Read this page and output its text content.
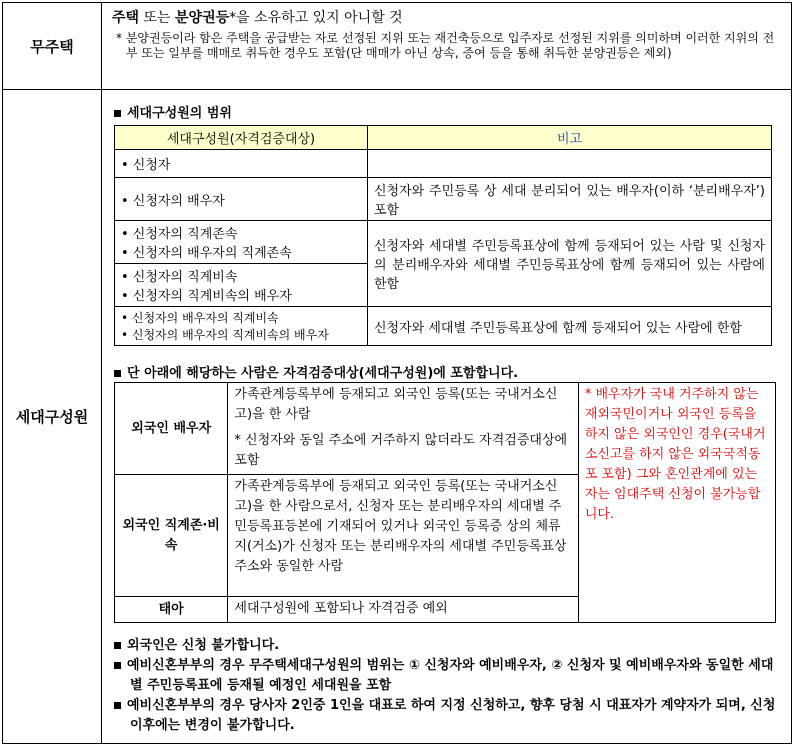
무주택
주택 또는 분양권등*을 소유하고 있지 아니할 것
* 분양권등이라 함은 주택을 공급받는 자로 선정된 지위 또는 재건축등으로 입주자로 선정된 지위를 의미하며 이러한 지위의 전부 또는 일부를 매매로 취득한 경우도 포함(단 매매가 아닌 상속, 증여 등을 통해 취득한 분양권등은 제외)
세대구성원
세대구성원의 범위
세대구성원(자격검증대상)	비고
• 신청자	
• 신청자의 배우자	신청자와 주민등록 상 세대 분리되어 있는 배우자(이하 ‘분리배우자’) 포함

• 신청자의 직계존속
• 신청자의 배우자의 직계존속	신청자와 세대별 주민등록표상에 함께 등재되어 있는 사람 및 신청자의 분리배우자와 세대별 주민등록표상에 함께 등재되어 있는 사람에 한함

• 신청자의 직계비속
• 신청자의 직계비속의 배우자	

• 신청자의 배우자의 직계비속
• 신청자의 배우자의 직계비속의 배우자	신청자와 세대별 주민등록표상에 함께 등재되어 있는 사람에 한함
단 아래에 해당하는 사람은 자격검증대상(세대구성원)에 포함합니다.
외국인 배우자	가족관계등록부에 등재되고 외국인 등록(또는 국내거소신고)을 한 사람
* 신청자와 동일 주소에 거주하지 않더라도 자격검증대상에 포함	* 배우자가 국내 거주하지 않는 재외국민이거나 외국인 등록을 하지 않은 외국인인 경우(국내거소신고를 하지 않은 외국국적동포 포함) 그와 혼인관계에 있는 자는 임대주택 신청이 불가능합니다.
외국인 직계존·비속	가족관계등록부에 등재되고 외국인 등록(또는 국내거소신고)을 한 사람으로서, 신청자 또는 분리배우자의 세대별 주민등록표등본에 기재되어 있거나 외국인 등록증 상의 체류지(거소)가 신청자 또는 분리배우자의 세대별 주민등록표상 주소와 동일한 사람	
태아	세대구성원에 포함되나 자격검증 예외	
외국인은 신청 불가합니다.
예비신혼부부의 경우 무주택세대구성원의 범위는 ① 신청자와 예비배우자, ② 신청자 및 예비배우자와 동일한 세대별 주민등록표에 등재될 예정인 세대원을 포함
예비신혼부부의 경우 당사자 2인중 1인을 대표로 하여 지정 신청하고, 향후 당첨 시 대표자가 계약자가 되며, 신청이후에는 변경이 불가합니다.
